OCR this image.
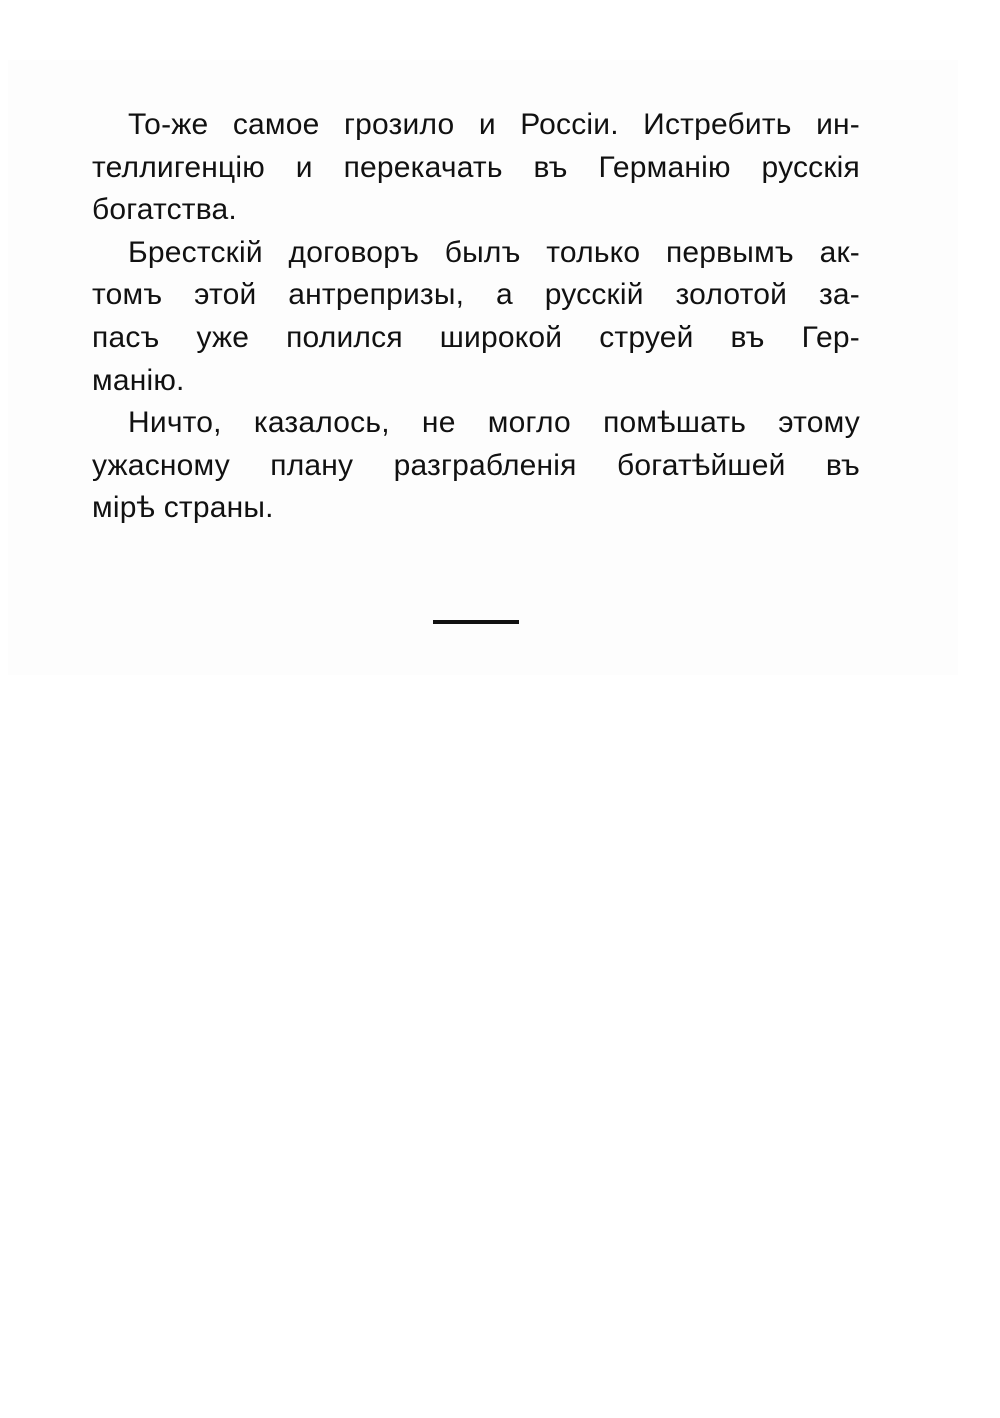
То-же самое грозило и Россіи. Истребить ин-
теллигенцію и перекачать въ Германію русскія
богатства.
Брестскій договоръ былъ только первымъ ак-
томъ этой антрепризы, а русскій золотой за-
пасъ уже полился широкой струей въ Гер-
манію.
Ничто, казалось, не могло помѣшать этому
ужасному плану разграбленія богатѣйшей въ
мірѣ страны.
